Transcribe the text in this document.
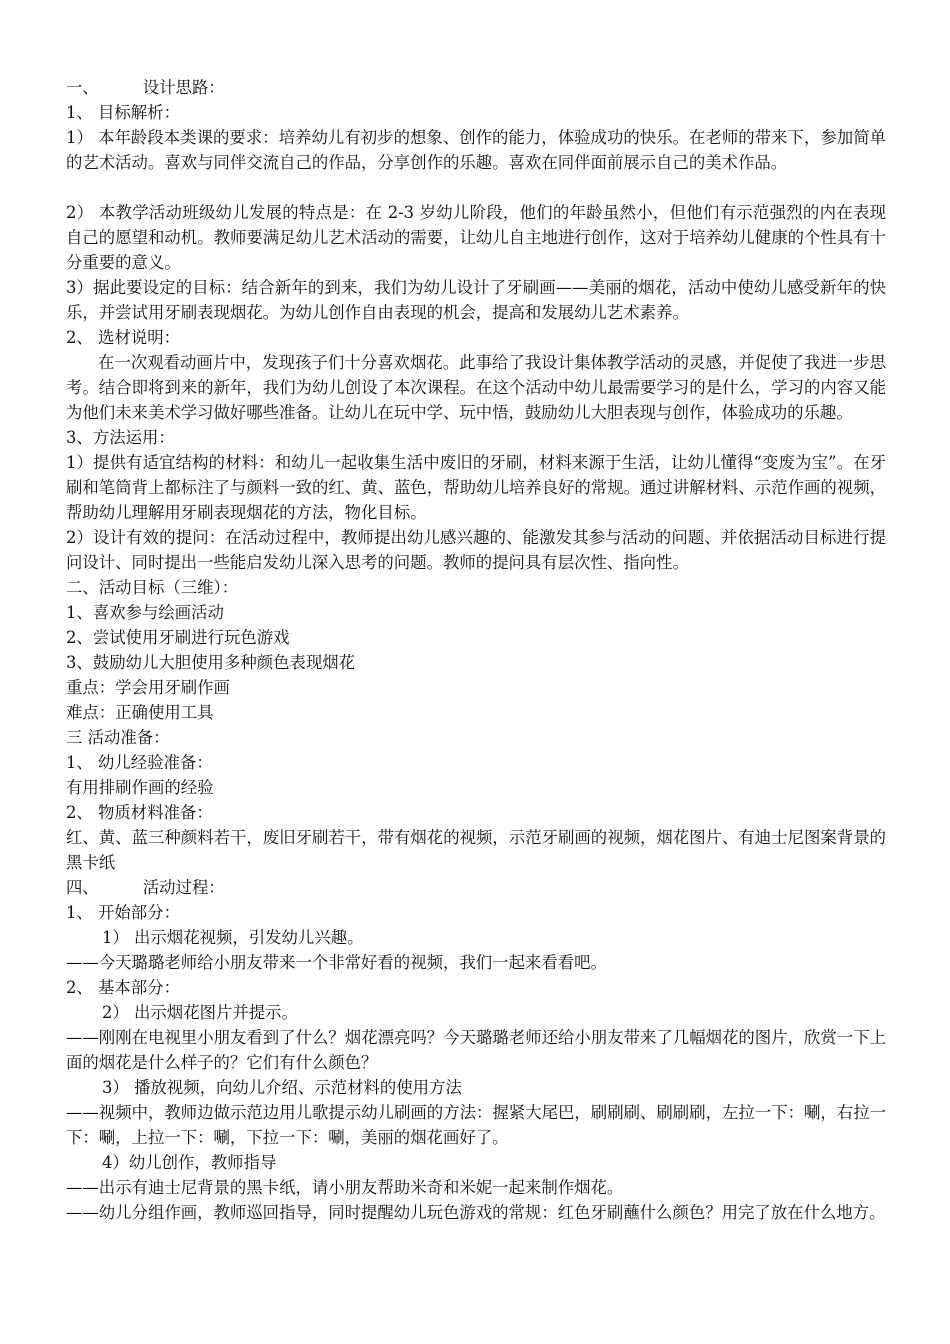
一、	设计思路：
1、 目标解析：
1） 本年龄段本类课的要求：培养幼儿有初步的想象、创作的能力，体验成功的快乐。在老师的带来下，参加简单的艺术活动。喜欢与同伴交流自己的作品，分享创作的乐趣。喜欢在同伴面前展示自己的美术作品。
2） 本教学活动班级幼儿发展的特点是：在 2-3 岁幼儿阶段，他们的年龄虽然小，但他们有示范强烈的内在表现自己的愿望和动机。教师要满足幼儿艺术活动的需要，让幼儿自主地进行创作，这对于培养幼儿健康的个性具有十分重要的意义。
3）据此要设定的目标：结合新年的到来，我们为幼儿设计了牙刷画——美丽的烟花，活动中使幼儿感受新年的快乐，并尝试用牙刷表现烟花。为幼儿创作自由表现的机会，提高和发展幼儿艺术素养。
2、 选材说明：
在一次观看动画片中，发现孩子们十分喜欢烟花。此事给了我设计集体教学活动的灵感，并促使了我进一步思考。结合即将到来的新年，我们为幼儿创设了本次课程。在这个活动中幼儿最需要学习的是什么，学习的内容又能为他们未来美术学习做好哪些准备。让幼儿在玩中学、玩中悟，鼓励幼儿大胆表现与创作，体验成功的乐趣。
3、方法运用：
1）提供有适宜结构的材料：和幼儿一起收集生活中废旧的牙刷，材料来源于生活，让幼儿懂得“变废为宝”。在牙刷和笔筒背上都标注了与颜料一致的红、黄、蓝色，帮助幼儿培养良好的常规。通过讲解材料、示范作画的视频，帮助幼儿理解用牙刷表现烟花的方法，物化目标。
2）设计有效的提问：在活动过程中，教师提出幼儿感兴趣的、能激发其参与活动的问题、并依据活动目标进行提问设计、同时提出一些能启发幼儿深入思考的问题。教师的提问具有层次性、指向性。
二、活动目标（三维）：
1、喜欢参与绘画活动
2、尝试使用牙刷进行玩色游戏
3、鼓励幼儿大胆使用多种颜色表现烟花
重点：学会用牙刷作画
难点：正确使用工具
三 活动准备：
1、 幼儿经验准备：
有用排刷作画的经验
2、 物质材料准备：
红、黄、蓝三种颜料若干，废旧牙刷若干，带有烟花的视频，示范牙刷画的视频，烟花图片、有迪士尼图案背景的黑卡纸
四、	活动过程：
1、 开始部分：
1） 出示烟花视频，引发幼儿兴趣。
——今天璐璐老师给小朋友带来一个非常好看的视频，我们一起来看看吧。
2、 基本部分：
2） 出示烟花图片并提示。
——刚刚在电视里小朋友看到了什么？烟花漂亮吗？今天璐璐老师还给小朋友带来了几幅烟花的图片，欣赏一下上面的烟花是什么样子的？它们有什么颜色？
3） 播放视频，向幼儿介绍、示范材料的使用方法
——视频中，教师边做示范边用儿歌提示幼儿刷画的方法：握紧大尾巴，刷刷刷、刷刷刷，左拉一下：唰，右拉一下：唰，上拉一下：唰，下拉一下：唰，美丽的烟花画好了。
4）幼儿创作，教师指导
——出示有迪士尼背景的黑卡纸，请小朋友帮助米奇和米妮一起来制作烟花。
——幼儿分组作画，教师巡回指导，同时提醒幼儿玩色游戏的常规：红色牙刷蘸什么颜色？用完了放在什么地方。
